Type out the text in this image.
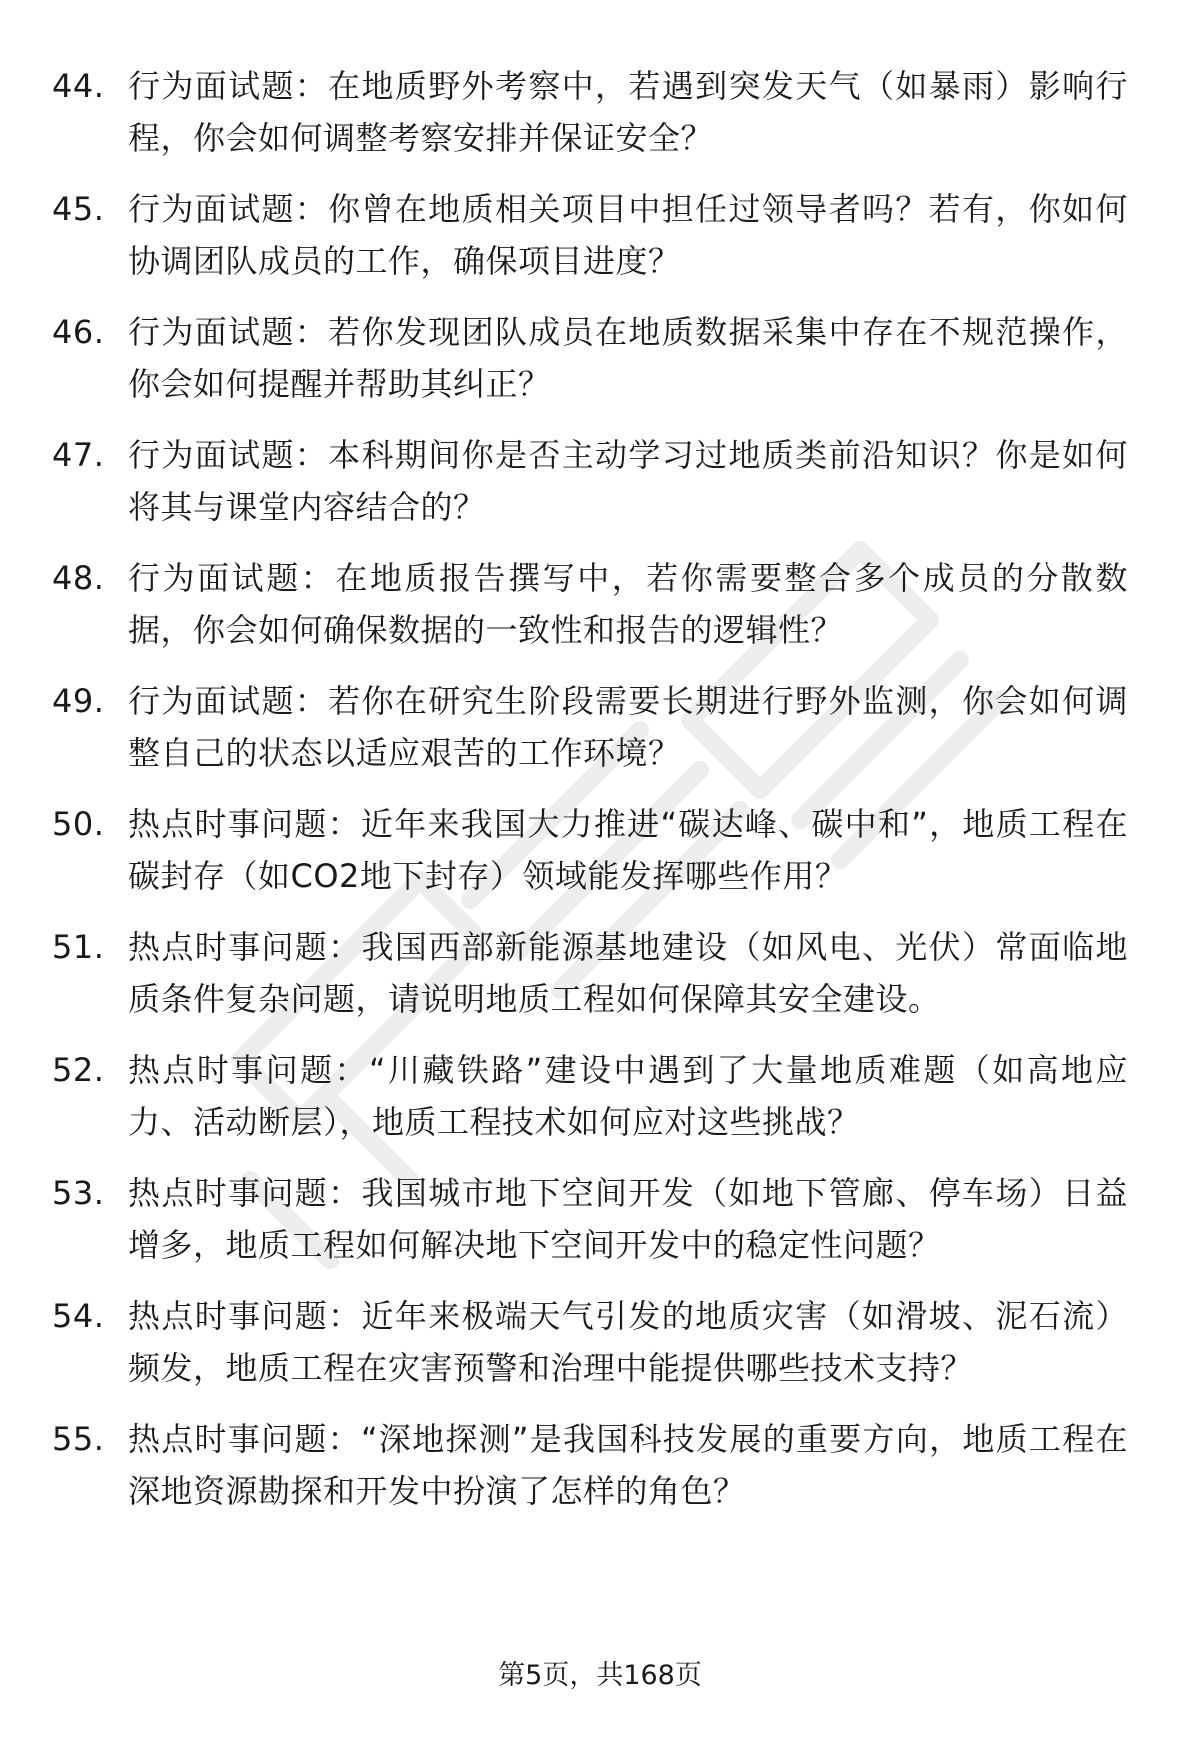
44. 行为面试题：在地质野外考察中，若遇到突发天气（如暴雨）影响行程，你会如何调整考察安排并保证安全？
45. 行为面试题：你曾在地质相关项目中担任过领导者吗？若有，你如何协调团队成员的工作，确保项目进度？
46. 行为面试题：若你发现团队成员在地质数据采集中存在不规范操作，你会如何提醒并帮助其纠正？
47. 行为面试题：本科期间你是否主动学习过地质类前沿知识？你是如何将其与课堂内容结合的？
48. 行为面试题：在地质报告撰写中，若你需要整合多个成员的分散数据，你会如何确保数据的一致性和报告的逻辑性？
49. 行为面试题：若你在研究生阶段需要长期进行野外监测，你会如何调整自己的状态以适应艰苦的工作环境？
50. 热点时事问题：近年来我国大力推进“碳达峰、碳中和”，地质工程在碳封存（如CO2地下封存）领域能发挥哪些作用？
51. 热点时事问题：我国西部新能源基地建设（如风电、光伏）常面临地质条件复杂问题，请说明地质工程如何保障其安全建设。
52. 热点时事问题：“川藏铁路”建设中遇到了大量地质难题（如高地应力、活动断层），地质工程技术如何应对这些挑战？
53. 热点时事问题：我国城市地下空间开发（如地下管廊、停车场）日益增多，地质工程如何解决地下空间开发中的稳定性问题？
54. 热点时事问题：近年来极端天气引发的地质灾害（如滑坡、泥石流）频发，地质工程在灾害预警和治理中能提供哪些技术支持？
55. 热点时事问题：“深地探测”是我国科技发展的重要方向，地质工程在深地资源勘探和开发中扮演了怎样的角色？
第5页，共168页
